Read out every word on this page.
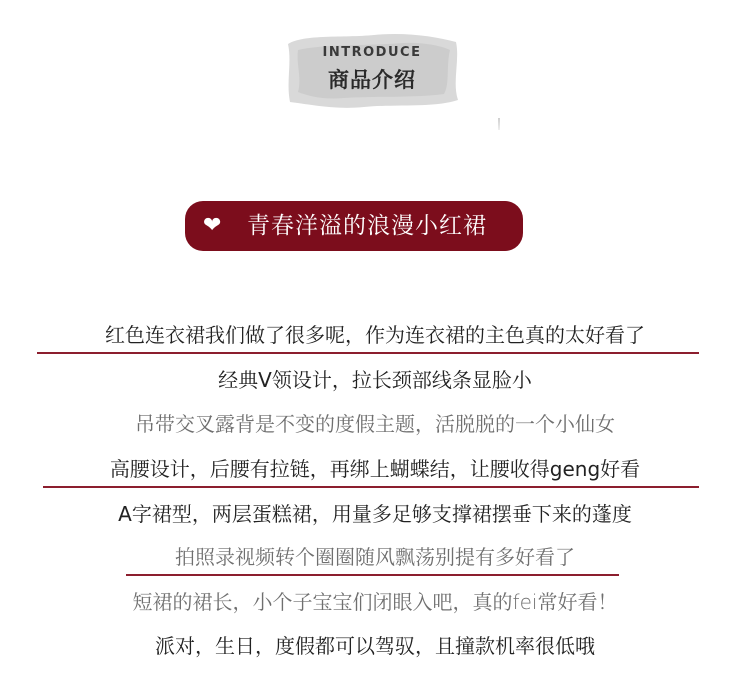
INTRODUCE
商品介绍
❤ 青春洋溢的浪漫小红裙
红色连衣裙我们做了很多呢，作为连衣裙的主色真的太好看了
经典V领设计，拉长颈部线条显脸小
吊带交叉露背是不变的度假主题，活脱脱的一个小仙女
高腰设计，后腰有拉链，再绑上蝴蝶结，让腰收得geng好看
A字裙型，两层蛋糕裙，用量多足够支撑裙摆垂下来的蓬度
拍照录视频转个圈圈随风飘荡别提有多好看了
短裙的裙长，小个子宝宝们闭眼入吧，真的fei常好看！
派对，生日，度假都可以驾驭，且撞款机率很低哦
